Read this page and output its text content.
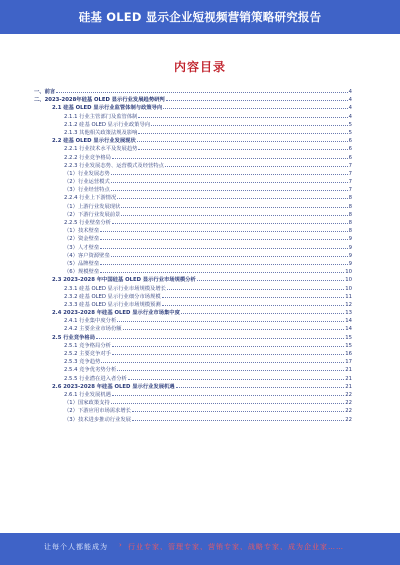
硅基 OLED 显示企业短视频营销策略研究报告
内容目录
一、前言	4
二、2023-2028年硅基 OLED 显示行业发展趋势研判	4
2.1 硅基 OLED 显示行业监管体制与政策导向	4
2.1.1 行业主管部门及监管体制	4
2.1.2 硅基 OLED 显示行业政策导向	5
2.1.3 其他相关政策法规及影响	5
2.2 硅基 OLED 显示行业发展现状	6
2.2.1 行业技术水平及发展趋势	6
2.2.2 行业竞争格局	6
2.2.3 行业发展态势、运营模式及经营特点	7
（1）行业发展态势	7
（2）行业运营模式	7
（3）行业经营特点	7
2.2.4 行业上下游情况	8
（1）上游行业发展现状	8
（2）下游行业发展前景	8
2.2.5 行业壁垒分析	8
（1）技术壁垒	8
（2）资金壁垒	9
（3）人才壁垒	9
（4）客户资源壁垒	9
（5）品牌壁垒	9
（6）规模壁垒	10
2.3 2023-2028 年中国硅基 OLED 显示行业市场规模分析	10
2.3.1 硅基 OLED 显示行业市场规模及增长	10
2.3.2 硅基 OLED 显示行业细分市场规模	11
2.3.3 硅基 OLED 显示行业市场规模预测	12
2.4 2023-2028 年硅基 OLED 显示行业市场集中度	13
2.4.1 行业集中度分析	14
2.4.2 主要企业市场份额	14
2.5 行业竞争格局	15
2.5.1 竞争格局分析	15
2.5.2 主要竞争对手	16
2.5.3 竞争趋势	17
2.5.4 竞争优劣势分析	21
2.5.5 行业潜在进入者分析	21
2.6 2023-2028 年硅基 OLED 显示行业发展机遇	21
2.6.1 行业发展机遇	22
（1）国家政策支持	22
（2）下游应用市场需求增长	22
（3）技术进步推动行业发展	22
让每个人都能成为 › 行业专家、管理专家、营销专家、战略专家、成为企业家……
